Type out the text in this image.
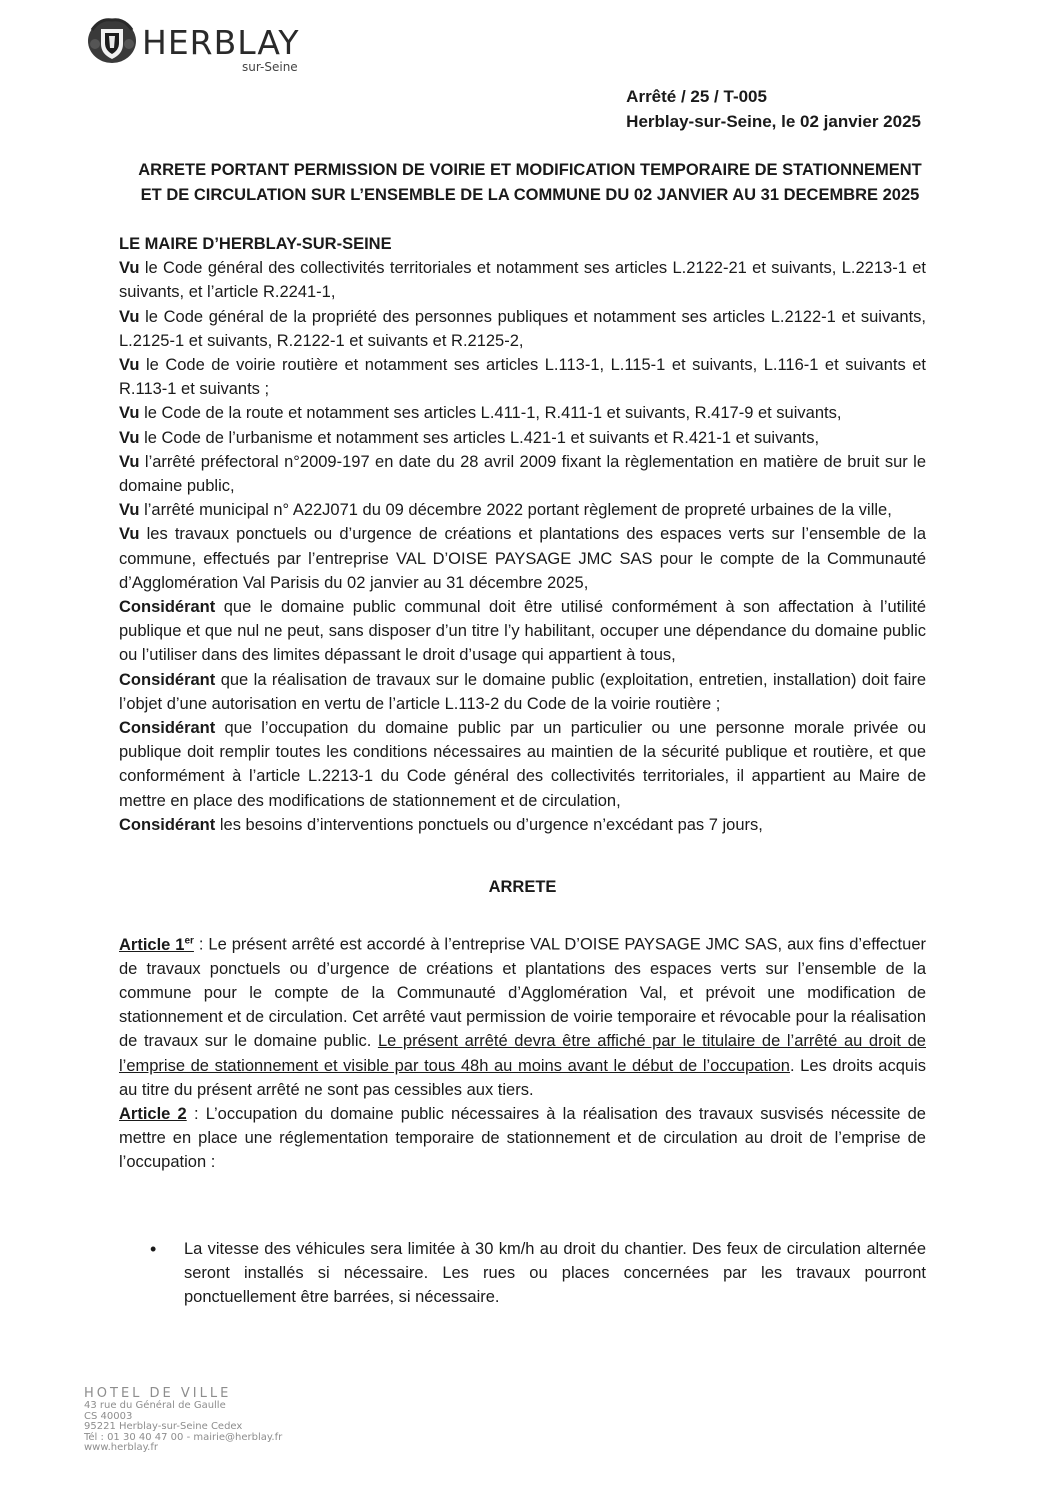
HERBLAY
sur-Seine
Arrêté / 25 / T-005
Herblay-sur-Seine, le 02 janvier 2025
ARRETE PORTANT PERMISSION DE VOIRIE ET MODIFICATION TEMPORAIRE DE STATIONNEMENT
ET DE CIRCULATION SUR L’ENSEMBLE DE LA COMMUNE DU 02 JANVIER AU 31 DECEMBRE 2025

LE MAIRE D’HERBLAY-SUR-SEINE

Vu le Code général des collectivités territoriales et notamment ses articles L.2122-21 et suivants, L.2213-1 et suivants, et l’article R.2241-1,

Vu le Code général de la propriété des personnes publiques et notamment ses articles L.2122-1 et suivants, L.2125-1 et suivants, R.2122-1 et suivants et R.2125-2,

Vu le Code de voirie routière et notamment ses articles L.113-1, L.115-1 et suivants, L.116-1 et suivants et R.113-1 et suivants ;

Vu le Code de la route et notamment ses articles L.411-1, R.411-1 et suivants, R.417-9 et suivants,

Vu le Code de l’urbanisme et notamment ses articles L.421-1 et suivants et R.421-1 et suivants,

Vu l’arrêté préfectoral n°2009-197 en date du 28 avril 2009 fixant la règlementation en matière de bruit sur le domaine public,

Vu l’arrêté municipal n° A22J071 du 09 décembre 2022 portant règlement de propreté urbaines de la ville,

Vu les travaux ponctuels ou d’urgence de créations et plantations des espaces verts sur l’ensemble de la commune, effectués par l’entreprise VAL D’OISE PAYSAGE JMC SAS pour le compte de la Communauté d’Agglomération Val Parisis du 02 janvier au 31 décembre 2025,

Considérant que le domaine public communal doit être utilisé conformément à son affectation à l’utilité publique et que nul ne peut, sans disposer d’un titre l’y habilitant, occuper une dépendance du domaine public ou l’utiliser dans des limites dépassant le droit d’usage qui appartient à tous,

Considérant que la réalisation de travaux sur le domaine public (exploitation, entretien, installation) doit faire l’objet d’une autorisation en vertu de l’article L.113-2 du Code de la voirie routière ;

Considérant que l’occupation du domaine public par un particulier ou une personne morale privée ou publique doit remplir toutes les conditions nécessaires au maintien de la sécurité publique et routière, et que conformément à l’article L.2213-1 du Code général des collectivités territoriales, il appartient au Maire de mettre en place des modifications de stationnement et de circulation,

Considérant les besoins d’interventions ponctuels ou d’urgence n’excédant pas 7 jours,

ARRETE

Article 1er : Le présent arrêté est accordé à l’entreprise VAL D’OISE PAYSAGE JMC SAS, aux fins d’effectuer de travaux ponctuels ou d’urgence de créations et plantations des espaces verts sur l’ensemble de la commune pour le compte de la Communauté d’Agglomération Val, et prévoit une modification de stationnement et de circulation. Cet arrêté vaut permission de voirie temporaire et révocable pour la réalisation de travaux sur le domaine public. Le présent arrêté devra être affiché par le titulaire de l’arrêté au droit de l’emprise de stationnement et visible par tous 48h au moins avant le début de l’occupation. Les droits acquis au titre du présent arrêté ne sont pas cessibles aux tiers.

Article 2 : L’occupation du domaine public nécessaires à la réalisation des travaux susvisés nécessite de mettre en place une réglementation temporaire de stationnement et de circulation au droit de l’emprise de l’occupation :

• La vitesse des véhicules sera limitée à 30 km/h au droit du chantier. Des feux de circulation alternée seront installés si nécessaire. Les rues ou places concernées par les travaux pourront ponctuellement être barrées, si nécessaire.
HOTEL DE VILLE
43 rue du Général de Gaulle
CS 40003
95221 Herblay-sur-Seine Cedex
Tél : 01 30 40 47 00 - mairie@herblay.fr
www.herblay.fr
